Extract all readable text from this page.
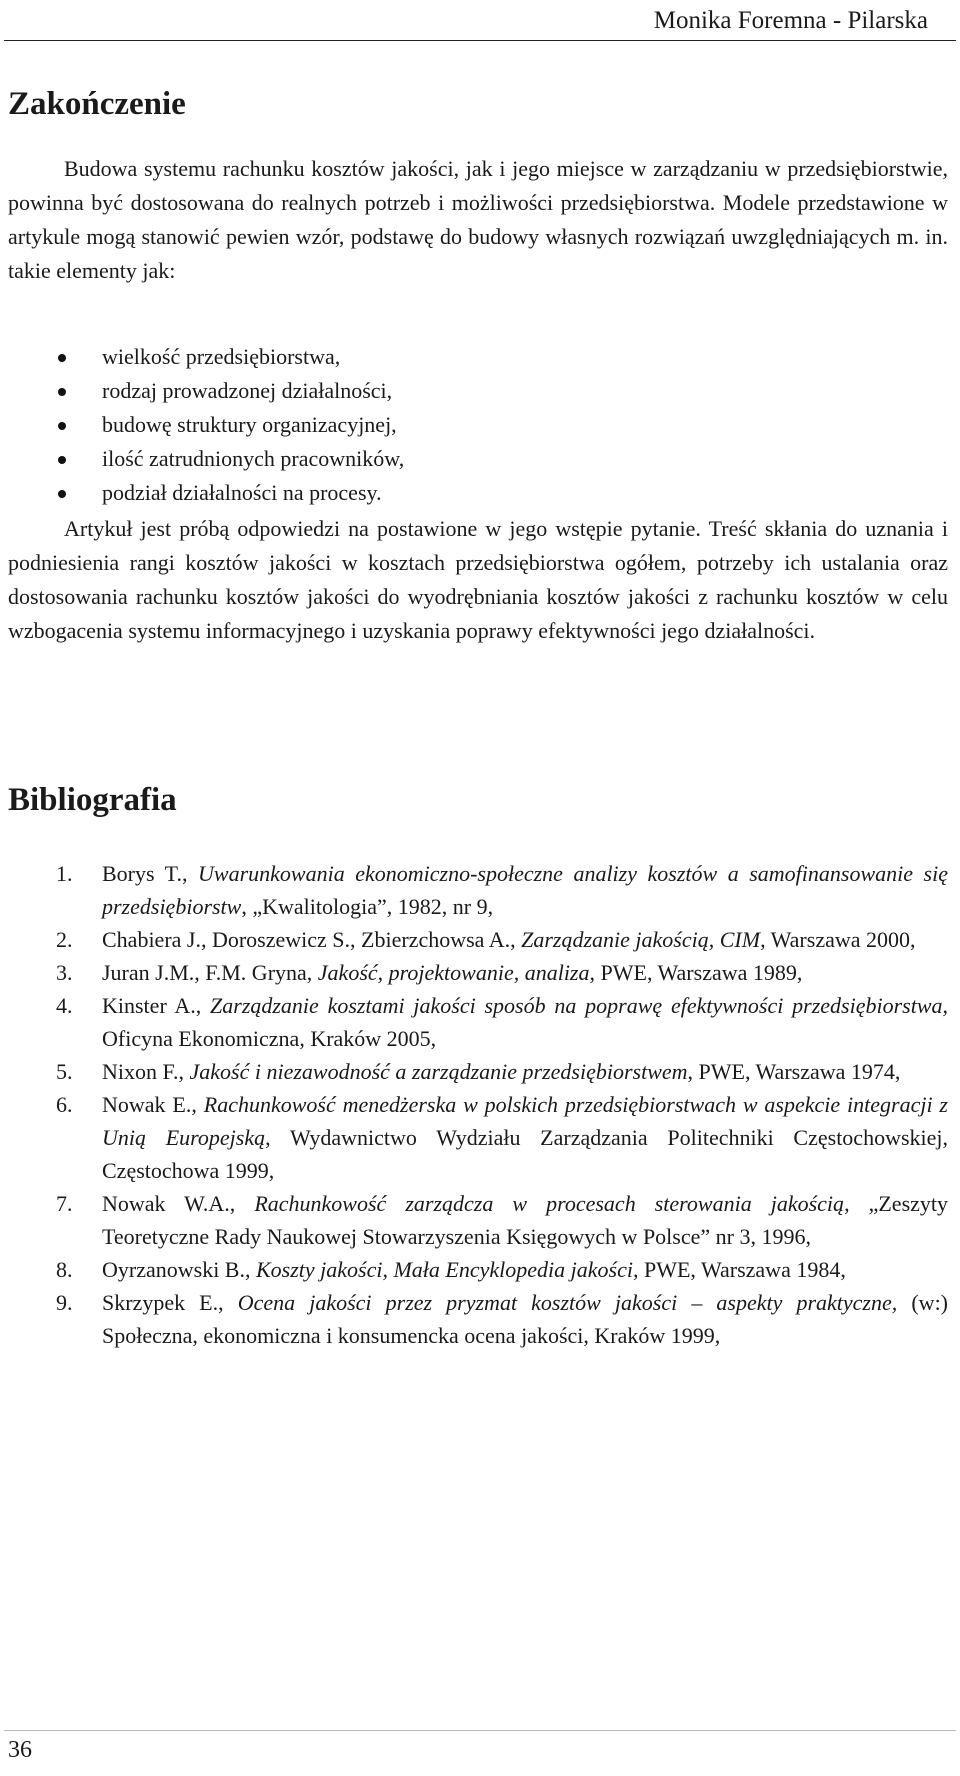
Monika Foremna - Pilarska
Zakończenie

Budowa systemu rachunku kosztów jakości, jak i jego miejsce w zarządzaniu w przedsiębiorstwie, powinna być dostosowana do realnych potrzeb i możliwości przedsiębiorstwa. Modele przedstawione w artykule mogą stanowić pewien wzór, podstawę do budowy własnych rozwiązań uwzględniających m. in. takie elementy jak:

wielkość przedsiębiorstwa,
rodzaj prowadzonej działalności,
budowę struktury organizacyjnej,
ilość zatrudnionych pracowników,
podział działalności na procesy.

Artykuł jest próbą odpowiedzi na postawione w jego wstępie pytanie. Treść skłania do uznania i podniesienia rangi kosztów jakości w kosztach przedsiębiorstwa ogółem, potrzeby ich ustalania oraz dostosowania rachunku kosztów jakości do wyodrębniania kosztów jakości z rachunku kosztów w celu wzbogacenia systemu informacyjnego i uzyskania poprawy efektywności jego działalności.

Bibliografia
1. Borys T., Uwarunkowania ekonomiczno-społeczne analizy kosztów a samofinansowanie się przedsiębiorstw, „Kwalitologia”, 1982, nr 9,
2. Chabiera J., Doroszewicz S., Zbierzchowsa A., Zarządzanie jakością, CIM, Warszawa 2000,
3. Juran J.M., F.M. Gryna, Jakość, projektowanie, analiza, PWE, Warszawa 1989,
4. Kinster A., Zarządzanie kosztami jakości sposób na poprawę efektywności przedsiębiorstwa, Oficyna Ekonomiczna, Kraków 2005,
5. Nixon F., Jakość i niezawodność a zarządzanie przedsiębiorstwem, PWE, Warszawa 1974,
6. Nowak E., Rachunkowość menedżerska w polskich przedsiębiorstwach w aspekcie integracji z Unią Europejską, Wydawnictwo Wydziału Zarządzania Politechniki Częstochowskiej, Częstochowa 1999,
7. Nowak W.A., Rachunkowość zarządcza w procesach sterowania jakością, „Zeszyty Teoretyczne Rady Naukowej Stowarzyszenia Księgowych w Polsce” nr 3, 1996,
8. Oyrzanowski B., Koszty jakości, Mała Encyklopedia jakości, PWE, Warszawa 1984,
9. Skrzypek E., Ocena jakości przez pryzmat kosztów jakości – aspekty praktyczne, (w:) Społeczna, ekonomiczna i konsumencka ocena jakości, Kraków 1999,
36
